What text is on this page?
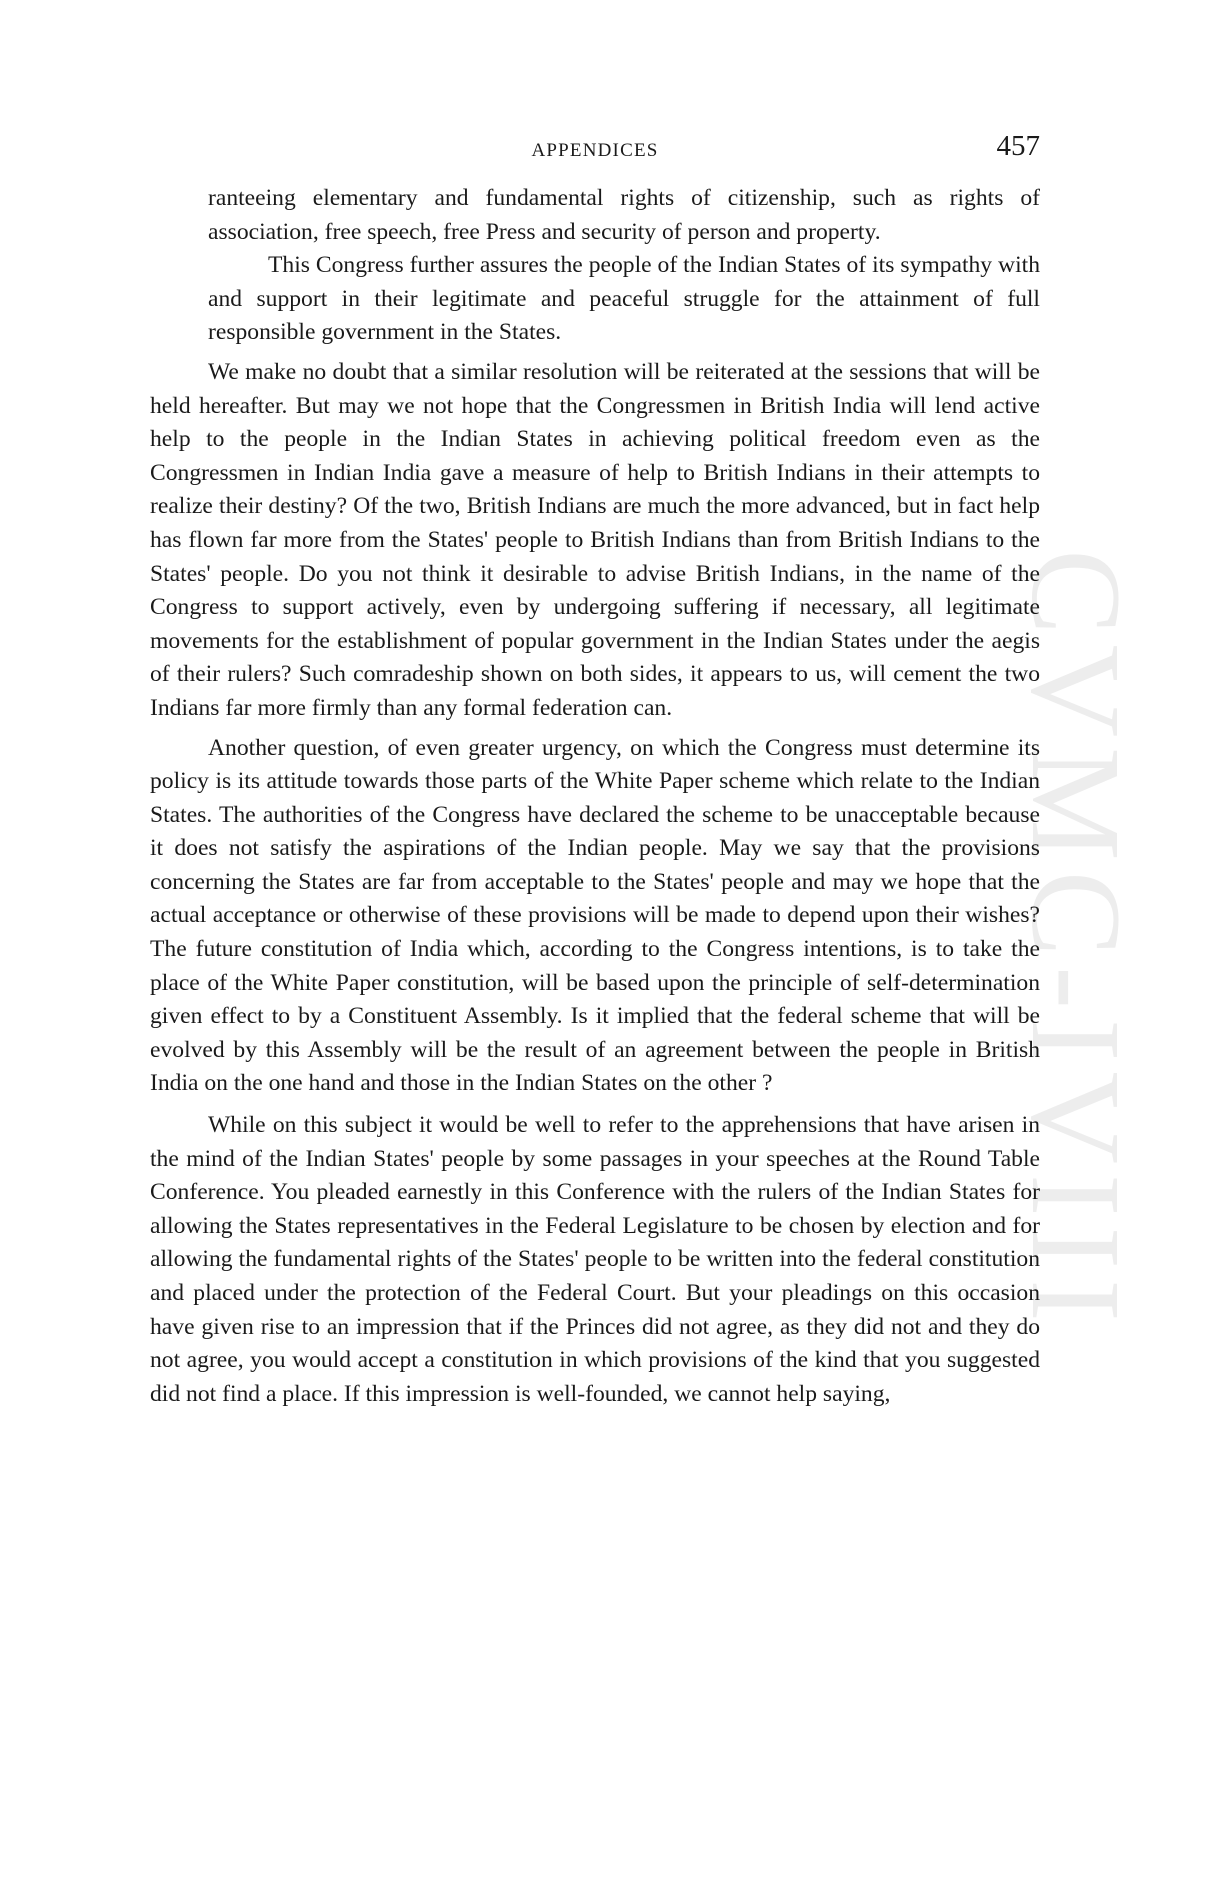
CVMC-IVIII
APPENDICES	457

ranteeing elementary and fundamental rights of citizenship, such as rights of association, free speech, free Press and security of person and property.

This Congress further assures the people of the Indian States of its sympathy with and support in their legitimate and peaceful struggle for the attainment of full responsible government in the States.

We make no doubt that a similar resolution will be reiterated at the sessions that will be held hereafter. But may we not hope that the Congressmen in British India will lend active help to the people in the Indian States in achieving political freedom even as the Congressmen in Indian India gave a measure of help to British Indians in their attempts to realize their destiny? Of the two, British Indians are much the more advanced, but in fact help has flown far more from the States' people to British Indians than from British Indians to the States' people. Do you not think it desirable to advise British Indians, in the name of the Congress to support actively, even by undergoing suffering if necessary, all legitimate movements for the establishment of popular government in the Indian States under the aegis of their rulers? Such comradeship shown on both sides, it appears to us, will cement the two Indians far more firmly than any formal federation can.

Another question, of even greater urgency, on which the Congress must determine its policy is its attitude towards those parts of the White Paper scheme which relate to the Indian States. The authorities of the Congress have declared the scheme to be unacceptable because it does not satisfy the aspirations of the Indian people. May we say that the provisions concerning the States are far from acceptable to the States' people and may we hope that the actual acceptance or otherwise of these provisions will be made to depend upon their wishes? The future constitution of India which, according to the Congress intentions, is to take the place of the White Paper constitution, will be based upon the principle of self-determination given effect to by a Constituent Assembly. Is it implied that the federal scheme that will be evolved by this Assembly will be the result of an agreement between the people in British India on the one hand and those in the Indian States on the other ?

While on this subject it would be well to refer to the apprehensions that have arisen in the mind of the Indian States' people by some passages in your speeches at the Round Table Conference. You pleaded earnestly in this Conference with the rulers of the Indian States for allowing the States representatives in the Federal Legislature to be chosen by election and for allowing the fundamental rights of the States' people to be written into the federal constitution and placed under the protection of the Federal Court. But your pleadings on this occasion have given rise to an impression that if the Princes did not agree, as they did not and they do not agree, you would accept a constitution in which provisions of the kind that you suggested did not find a place. If this impression is well-founded, we cannot help saying,
